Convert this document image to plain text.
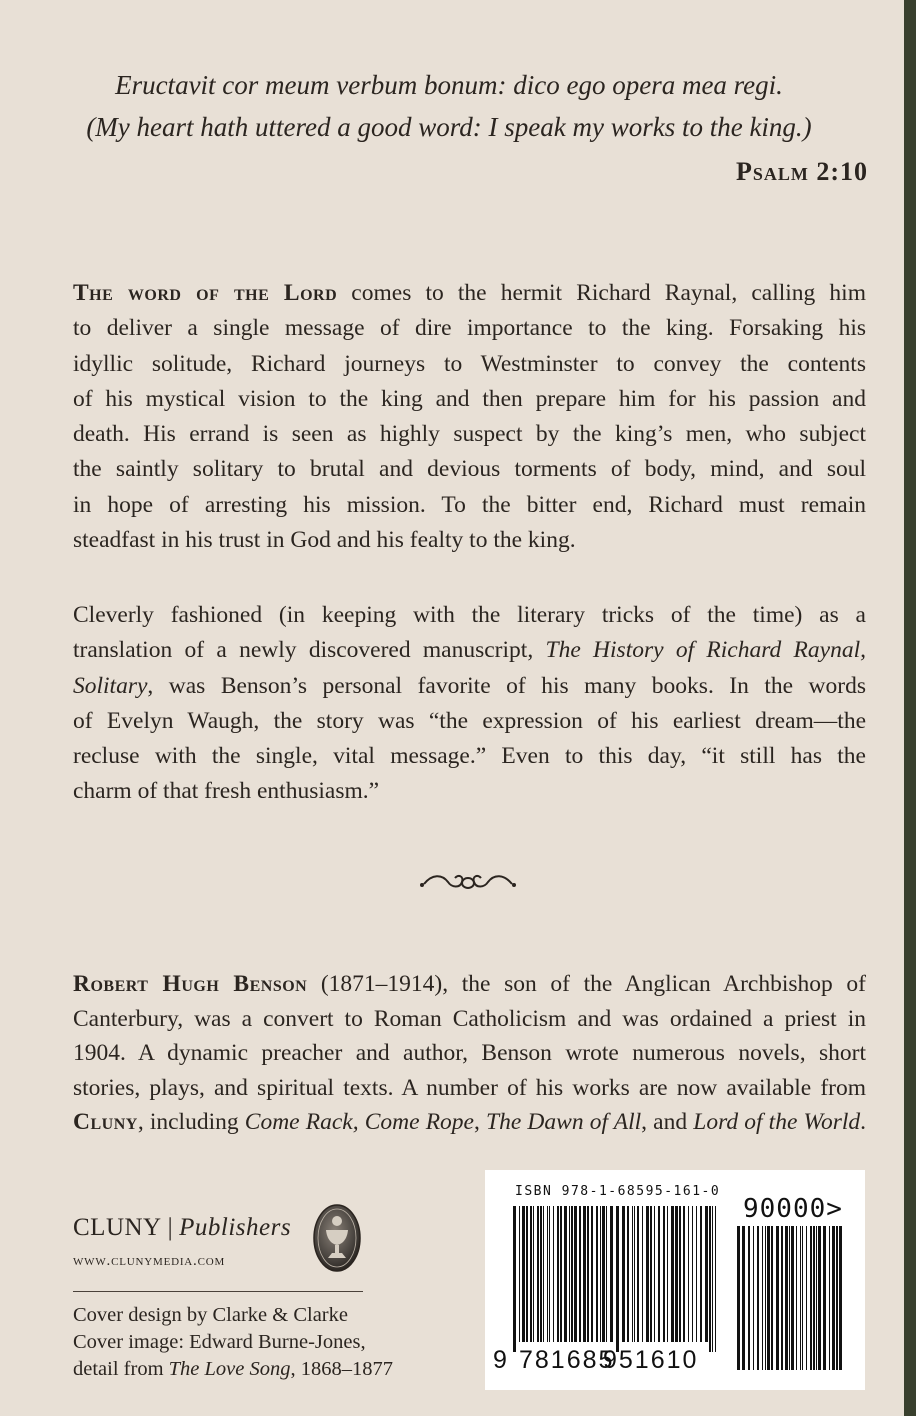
Eructavit cor meum verbum bonum: dico ego opera mea regi.
(My heart hath uttered a good word: I speak my works to the king.)
Psalm 2:10
The word of the Lord comes to the hermit Richard Raynal, calling him
to deliver a single message of dire importance to the king. Forsaking his
idyllic solitude, Richard journeys to Westminster to convey the contents
of his mystical vision to the king and then prepare him for his passion and
death. His errand is seen as highly suspect by the king’s men, who subject
the saintly solitary to brutal and devious torments of body, mind, and soul
in hope of arresting his mission. To the bitter end, Richard must remain
steadfast in his trust in God and his fealty to the king.
Cleverly fashioned (in keeping with the literary tricks of the time) as a
translation of a newly discovered manuscript, The History of Richard Raynal,
Solitary, was Benson’s personal favorite of his many books. In the words
of Evelyn Waugh, the story was “the expression of his earliest dream—the
recluse with the single, vital message.” Even to this day, “it still has the
charm of that fresh enthusiasm.”
Robert Hugh Benson (1871–1914), the son of the Anglican Archbishop of
Canterbury, was a convert to Roman Catholicism and was ordained a priest in
1904. A dynamic preacher and author, Benson wrote numerous novels, short
stories, plays, and spiritual texts. A number of his works are now available from
Cluny, including Come Rack, Come Rope, The Dawn of All, and Lord of the World.
CLUNY | Publishers
www.clunymedia.com
Cover design by Clarke & Clarke
Cover image: Edward Burne-Jones,
detail from The Love Song, 1868–1877
ISBN 978-1-68595-161-0
90000>
9 781685
951610
